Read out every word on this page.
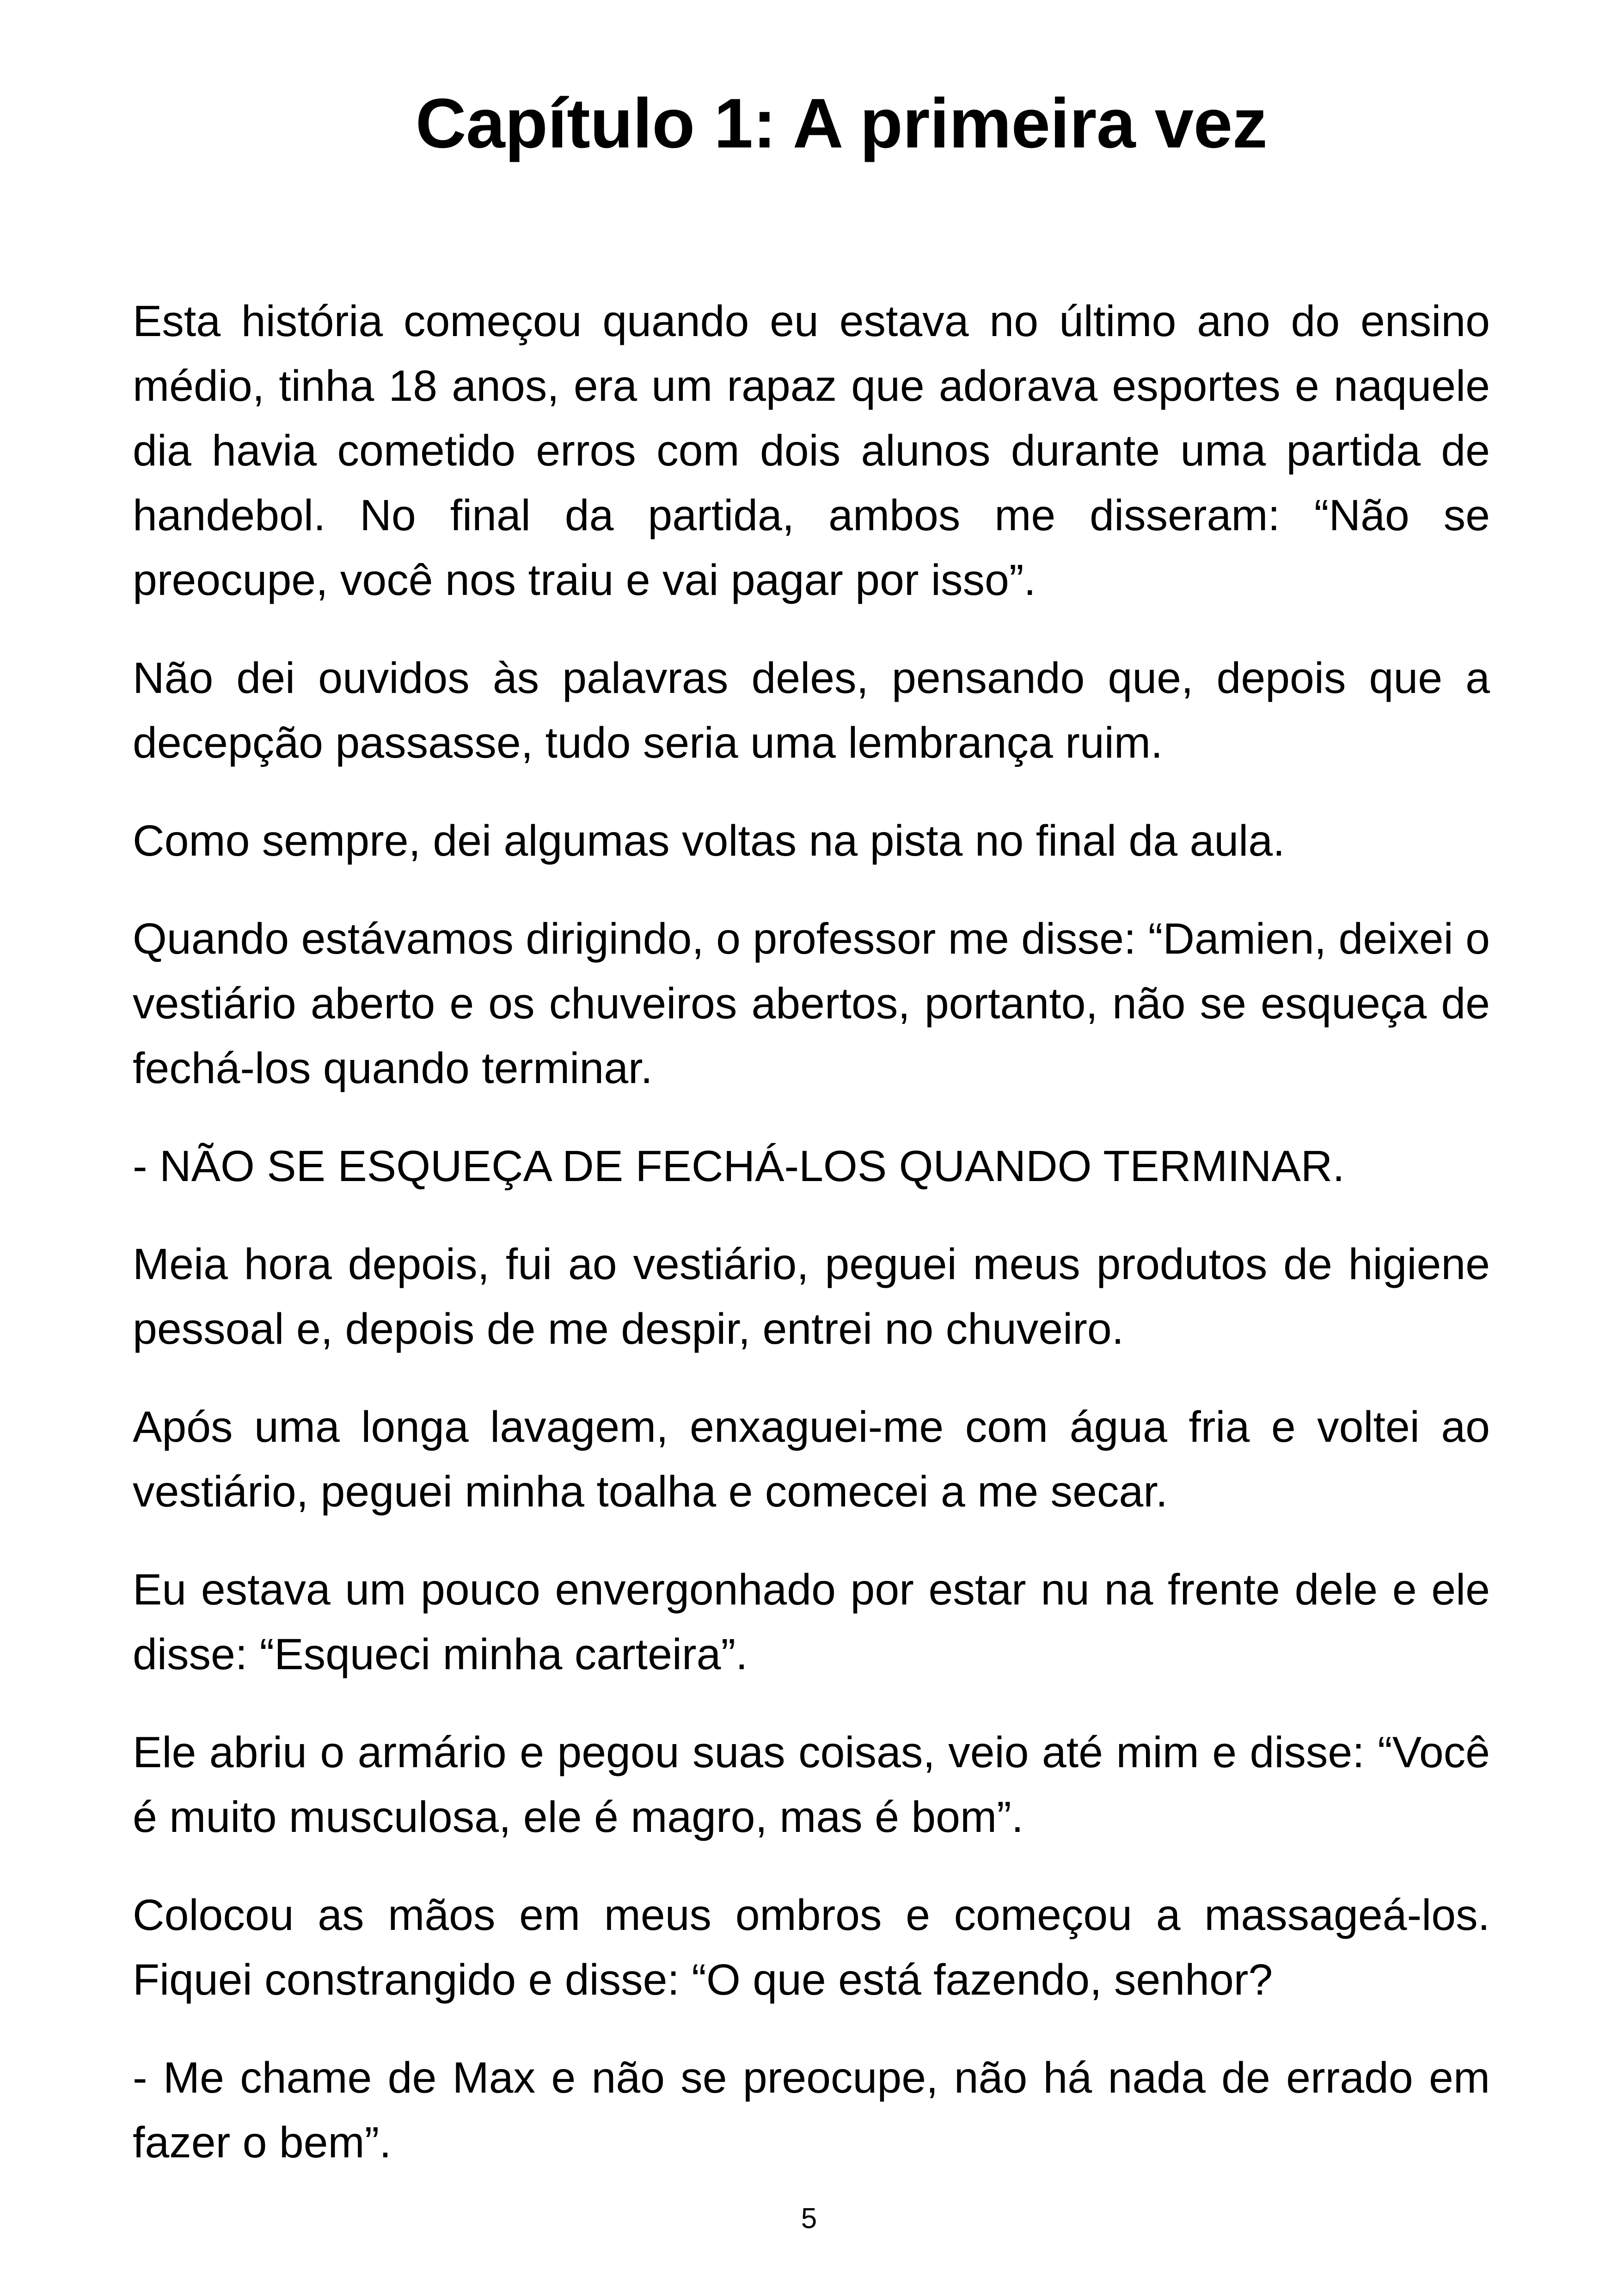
Capítulo 1: A primeira vez

Esta história começou quando eu estava no último ano do ensino médio, tinha 18 anos, era um rapaz que adorava esportes e naquele dia havia cometido erros com dois alunos durante uma partida de handebol. No final da partida, ambos me disseram: “Não se preocupe, você nos traiu e vai pagar por isso”.

Não dei ouvidos às palavras deles, pensando que, depois que a decepção passasse, tudo seria uma lembrança ruim.

Como sempre, dei algumas voltas na pista no final da aula.

Quando estávamos dirigindo, o professor me disse: “Damien, deixei o vestiário aberto e os chuveiros abertos, portanto, não se esqueça de fechá-los quando terminar.

- NÃO SE ESQUEÇA DE FECHÁ-LOS QUANDO TERMINAR.

Meia hora depois, fui ao vestiário, peguei meus produtos de higiene pessoal e, depois de me despir, entrei no chuveiro.

Após uma longa lavagem, enxaguei-me com água fria e voltei ao vestiário, peguei minha toalha e comecei a me secar.

Eu estava um pouco envergonhado por estar nu na frente dele e ele disse: “Esqueci minha carteira”.

Ele abriu o armário e pegou suas coisas, veio até mim e disse: “Você é muito musculosa, ele é magro, mas é bom”.

Colocou as mãos em meus ombros e começou a massageá-los. Fiquei constrangido e disse: “O que está fazendo, senhor?

- Me chame de Max e não se preocupe, não há nada de errado em fazer o bem”.

5
